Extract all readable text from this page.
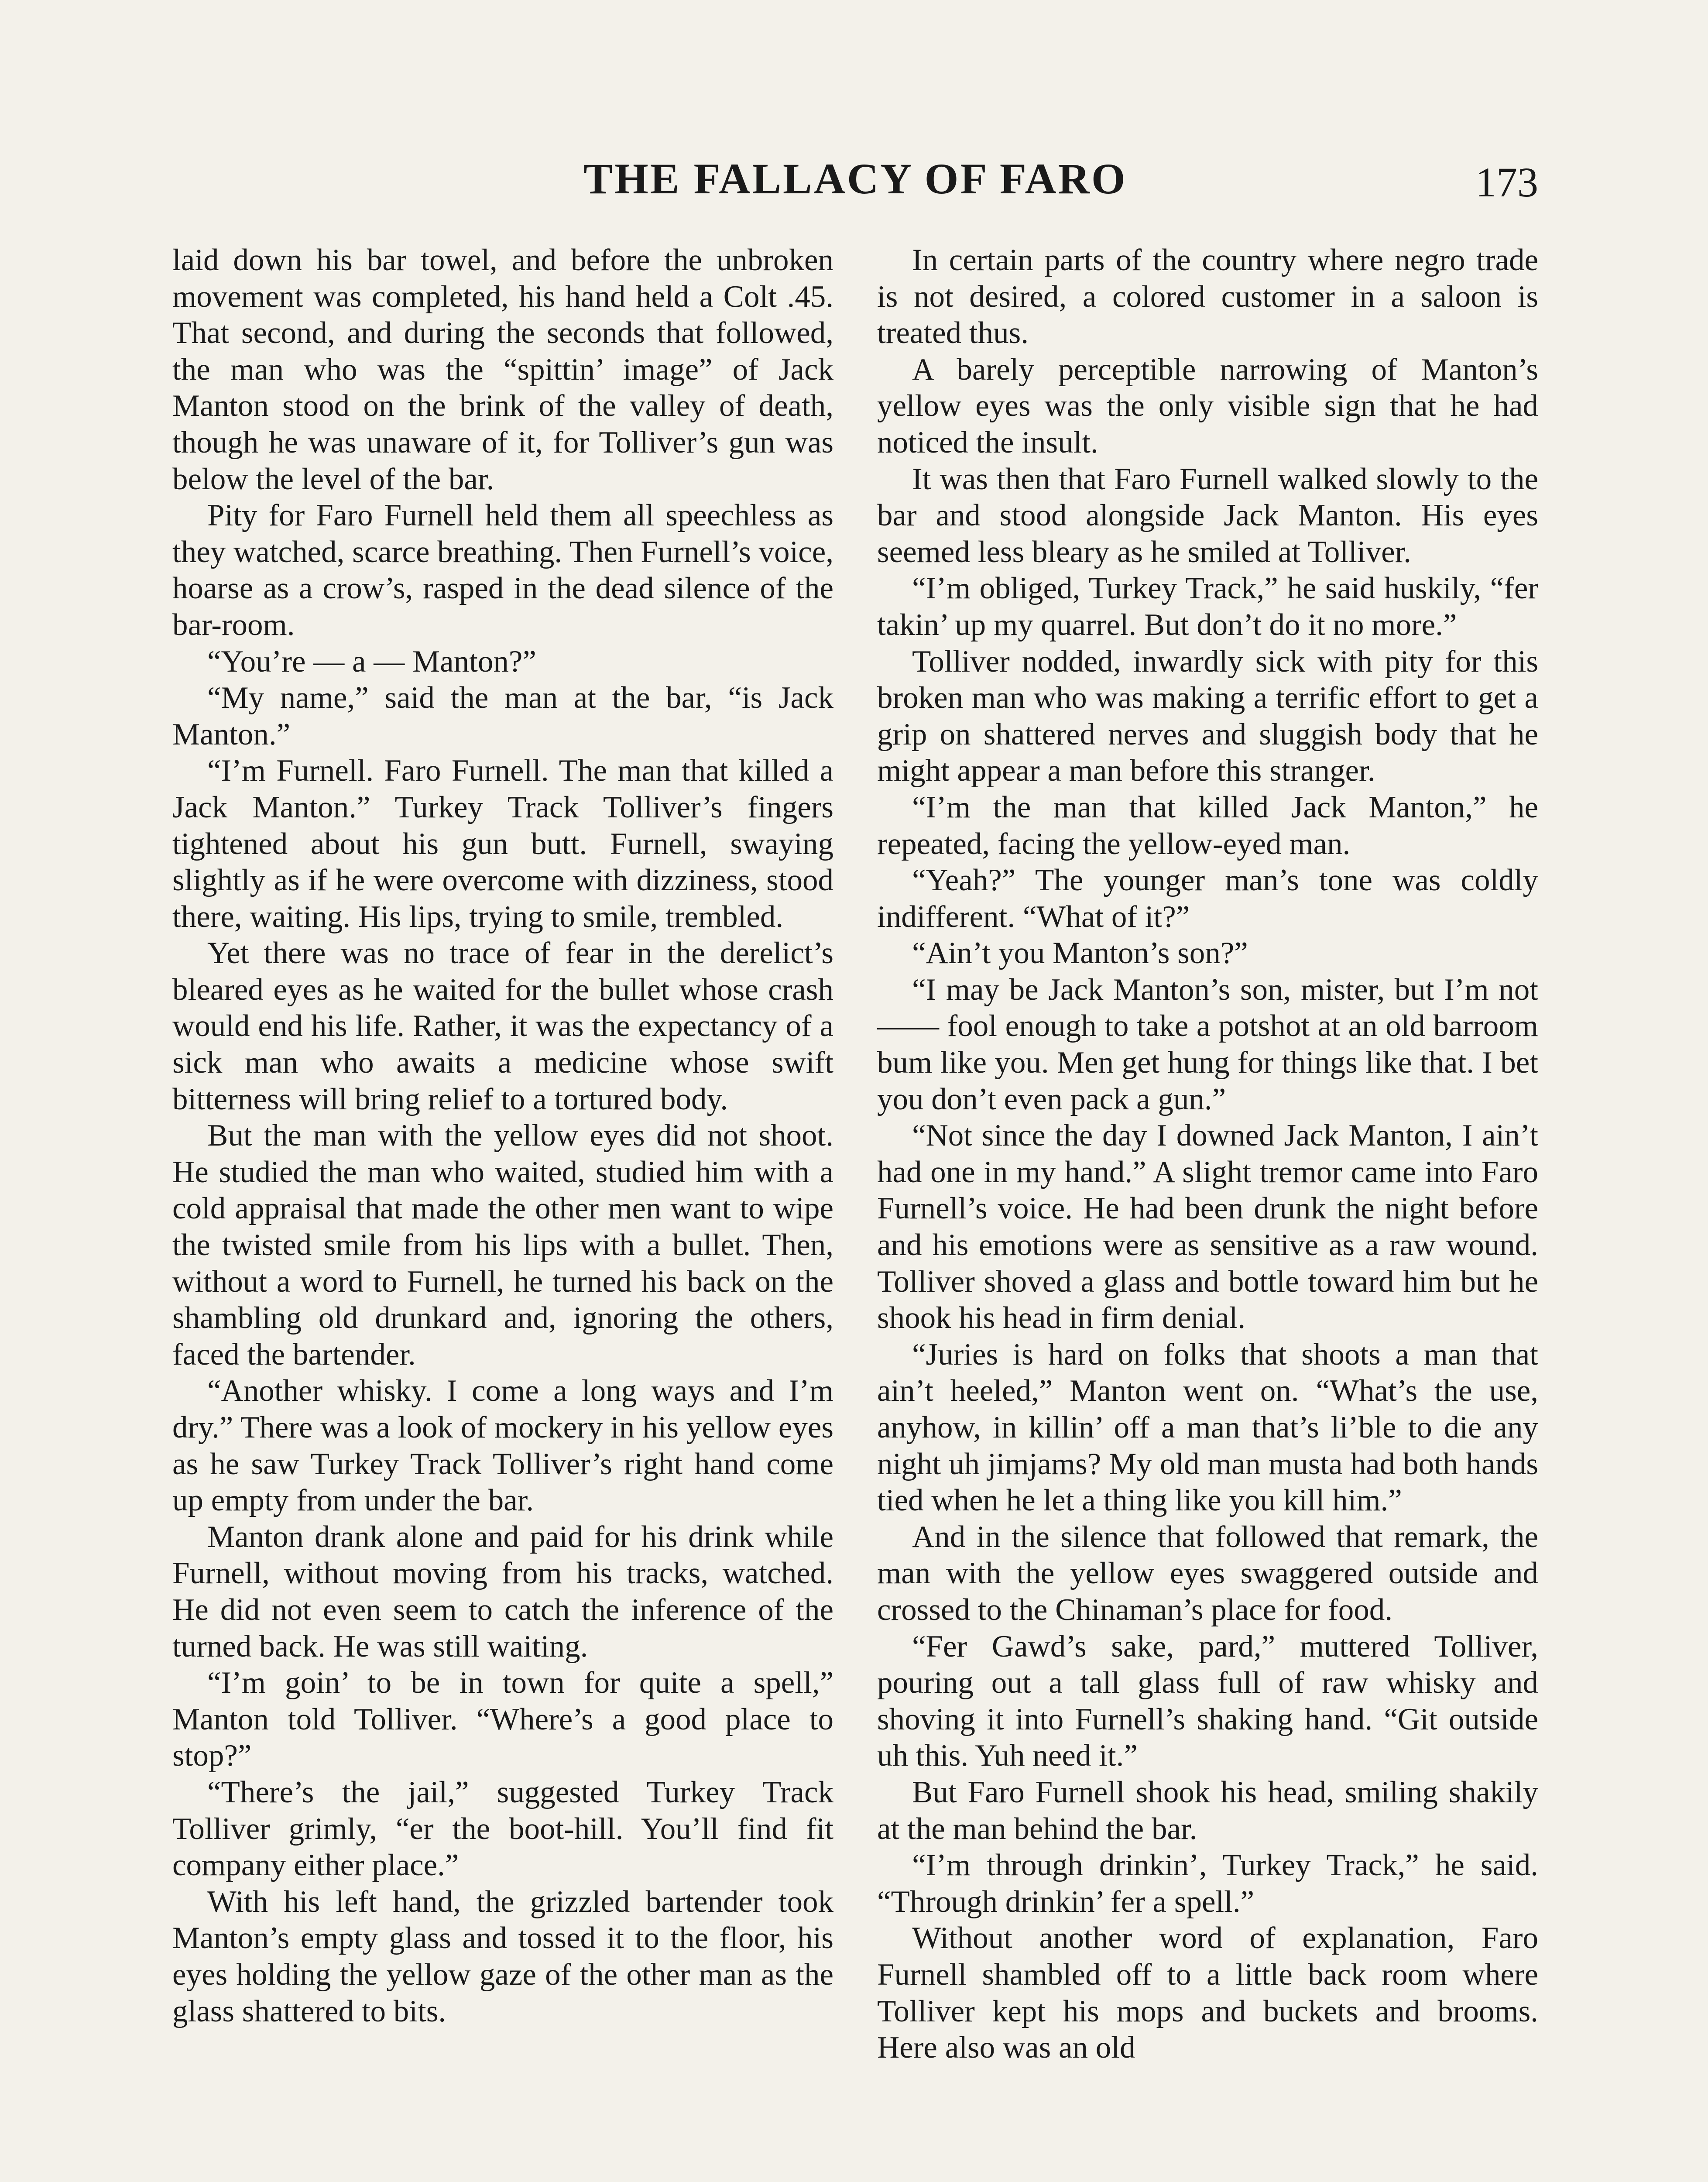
THE FALLACY OF FARO	173

laid down his bar towel, and before the unbroken movement was completed, his hand held a Colt .45. That second, and during the seconds that followed, the man who was the “spittin’ image” of Jack Manton stood on the brink of the valley of death, though he was unaware of it, for Tolliver’s gun was below the level of the bar.

Pity for Faro Furnell held them all speechless as they watched, scarce breathing. Then Furnell’s voice, hoarse as a crow’s, rasped in the dead silence of the bar-room.

“You’re — a — Manton?”

“My name,” said the man at the bar, “is Jack Manton.”

“I’m Furnell. Faro Furnell. The man that killed a Jack Manton.” Turkey Track Tolliver’s fingers tightened about his gun butt. Furnell, swaying slightly as if he were overcome with dizziness, stood there, waiting. His lips, trying to smile, trembled.

Yet there was no trace of fear in the derelict’s bleared eyes as he waited for the bullet whose crash would end his life. Rather, it was the expectancy of a sick man who awaits a medicine whose swift bitterness will bring relief to a tortured body.

But the man with the yellow eyes did not shoot. He studied the man who waited, studied him with a cold appraisal that made the other men want to wipe the twisted smile from his lips with a bullet. Then, without a word to Furnell, he turned his back on the shambling old drunkard and, ignoring the others, faced the bartender.

“Another whisky. I come a long ways and I’m dry.” There was a look of mockery in his yellow eyes as he saw Turkey Track Tolliver’s right hand come up empty from under the bar.

Manton drank alone and paid for his drink while Furnell, without moving from his tracks, watched. He did not even seem to catch the inference of the turned back. He was still waiting.

“I’m goin’ to be in town for quite a spell,” Manton told Tolliver. “Where’s a good place to stop?”

“There’s the jail,” suggested Turkey Track Tolliver grimly, “er the boot-hill. You’ll find fit company either place.”

With his left hand, the grizzled bartender took Manton’s empty glass and tossed it to the floor, his eyes holding the yellow gaze of the other man as the glass shattered to bits.

In certain parts of the country where negro trade is not desired, a colored customer in a saloon is treated thus.

A barely perceptible narrowing of Manton’s yellow eyes was the only visible sign that he had noticed the insult.

It was then that Faro Furnell walked slowly to the bar and stood alongside Jack Manton. His eyes seemed less bleary as he smiled at Tolliver.

“I’m obliged, Turkey Track,” he said huskily, “fer takin’ up my quarrel. But don’t do it no more.”

Tolliver nodded, inwardly sick with pity for this broken man who was making a terrific effort to get a grip on shattered nerves and sluggish body that he might appear a man before this stranger.

“I’m the man that killed Jack Manton,” he repeated, facing the yellow-eyed man.

“Yeah?” The younger man’s tone was coldly indifferent. “What of it?”

“Ain’t you Manton’s son?”

“I may be Jack Manton’s son, mister, but I’m not —— fool enough to take a potshot at an old barroom bum like you. Men get hung for things like that. I bet you don’t even pack a gun.”

“Not since the day I downed Jack Manton, I ain’t had one in my hand.” A slight tremor came into Faro Furnell’s voice. He had been drunk the night before and his emotions were as sensitive as a raw wound. Tolliver shoved a glass and bottle toward him but he shook his head in firm denial.

“Juries is hard on folks that shoots a man that ain’t heeled,” Manton went on. “What’s the use, anyhow, in killin’ off a man that’s li’ble to die any night uh jimjams? My old man musta had both hands tied when he let a thing like you kill him.”

And in the silence that followed that remark, the man with the yellow eyes swaggered outside and crossed to the Chinaman’s place for food.

“Fer Gawd’s sake, pard,” muttered Tolliver, pouring out a tall glass full of raw whisky and shoving it into Furnell’s shaking hand. “Git outside uh this. Yuh need it.”

But Faro Furnell shook his head, smiling shakily at the man behind the bar.

“I’m through drinkin’, Turkey Track,” he said. “Through drinkin’ fer a spell.”

Without another word of explanation, Faro Furnell shambled off to a little back room where Tolliver kept his mops and buckets and brooms. Here also was an old
